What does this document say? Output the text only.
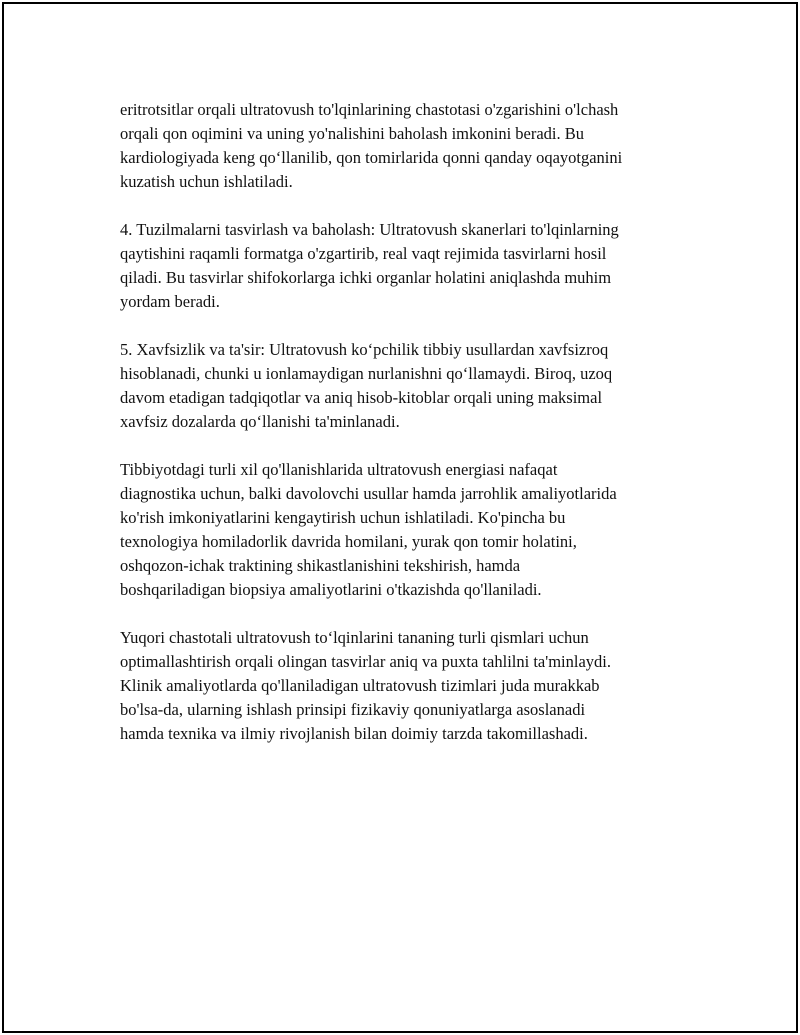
eritrotsitlar orqali ultratovush to'lqinlarining chastotasi o'zgarishini o'lchash
orqali qon oqimini va uning yo'nalishini baholash imkonini beradi. Bu
kardiologiyada keng qo‘llanilib, qon tomirlarida qonni qanday oqayotganini
kuzatish uchun ishlatiladi.

4. Tuzilmalarni tasvirlash va baholash: Ultratovush skanerlari to'lqinlarning
qaytishini raqamli formatga o'zgartirib, real vaqt rejimida tasvirlarni hosil
qiladi. Bu tasvirlar shifokorlarga ichki organlar holatini aniqlashda muhim
yordam beradi.

5. Xavfsizlik va ta'sir: Ultratovush ko‘pchilik tibbiy usullardan xavfsizroq
hisoblanadi, chunki u ionlamaydigan nurlanishni qo‘llamaydi. Biroq, uzoq
davom etadigan tadqiqotlar va aniq hisob-kitoblar orqali uning maksimal
xavfsiz dozalarda qo‘llanishi ta'minlanadi.

Tibbiyotdagi turli xil qo'llanishlarida ultratovush energiasi nafaqat
diagnostika uchun, balki davolovchi usullar hamda jarrohlik amaliyotlarida
ko'rish imkoniyatlarini kengaytirish uchun ishlatiladi. Ko'pincha bu
texnologiya homiladorlik davrida homilani, yurak qon tomir holatini,
oshqozon-ichak traktining shikastlanishini tekshirish, hamda
boshqariladigan biopsiya amaliyotlarini o'tkazishda qo'llaniladi.

Yuqori chastotali ultratovush to‘lqinlarini tananing turli qismlari uchun
optimallashtirish orqali olingan tasvirlar aniq va puxta tahlilni ta'minlaydi.
Klinik amaliyotlarda qo'llaniladigan ultratovush tizimlari juda murakkab
bo'lsa-da, ularning ishlash prinsipi fizikaviy qonuniyatlarga asoslanadi
hamda texnika va ilmiy rivojlanish bilan doimiy tarzda takomillashadi.
